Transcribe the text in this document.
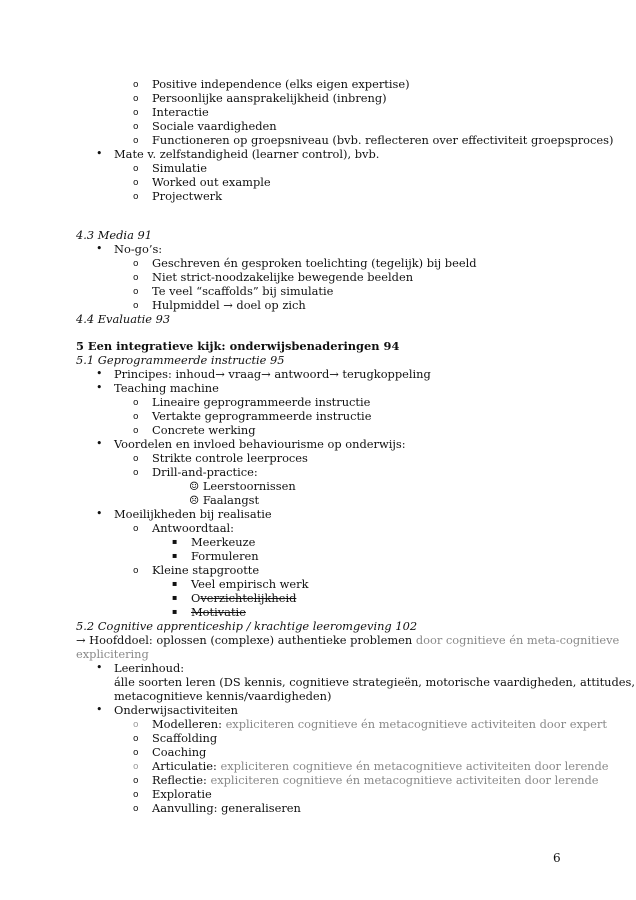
o Positive independence (elks eigen expertise)
o Persoonlijke aansprakelijkheid (inbreng)
o Interactie
o Sociale vaardigheden
o Functioneren op groepsniveau (bvb. reflecteren over effectiviteit groepsproces)
• Mate v. zelfstandigheid (learner control), bvb.
o Simulatie
o Worked out example
o Projectwerk
4.3 Media 91
• No-go’s:
o Geschreven én gesproken toelichting (tegelijk) bij beeld
o Niet strict-noodzakelijke bewegende beelden
o Te veel “scaffolds” bij simulatie
o Hulpmiddel → doel op zich
4.4 Evaluatie 93
5 Een integratieve kijk: onderwijsbenaderingen 94
5.1 Geprogrammeerde instructie 95
• Principes: inhoud→ vraag→ antwoord→ terugkoppeling
• Teaching machine
o Lineaire geprogrammeerde instructie
o Vertakte geprogrammeerde instructie
o Concrete werking
• Voordelen en invloed behaviourisme op onderwijs:
o Strikte controle leerproces
o Drill-and-practice:
☺ Leerstoornissen
☹ Faalangst
• Moeilijkheden bij realisatie
o Antwoordtaal:
▪ Meerkeuze
▪ Formuleren
o Kleine stapgrootte
▪ Veel empirisch werk
▪ Overzichtelijkheid
▪ Motivatie
5.2 Cognitive apprenticeship / krachtige leeromgeving 102
→ Hoofddoel: oplossen (complexe) authentieke problemen door cognitieve én meta-cognitieve
explicitering
• Leerinhoud:
álle soorten leren (DS kennis, cognitieve strategieën, motorische vaardigheden, attitudes,
metacognitieve kennis/vaardigheden)
• Onderwijsactiviteiten
o Modelleren: expliciteren cognitieve én metacognitieve activiteiten door expert
o Scaffolding
o Coaching
o Articulatie: expliciteren cognitieve én metacognitieve activiteiten door lerende
o Reflectie: expliciteren cognitieve én metacognitieve activiteiten door lerende
o Exploratie
o Aanvulling: generaliseren
6
